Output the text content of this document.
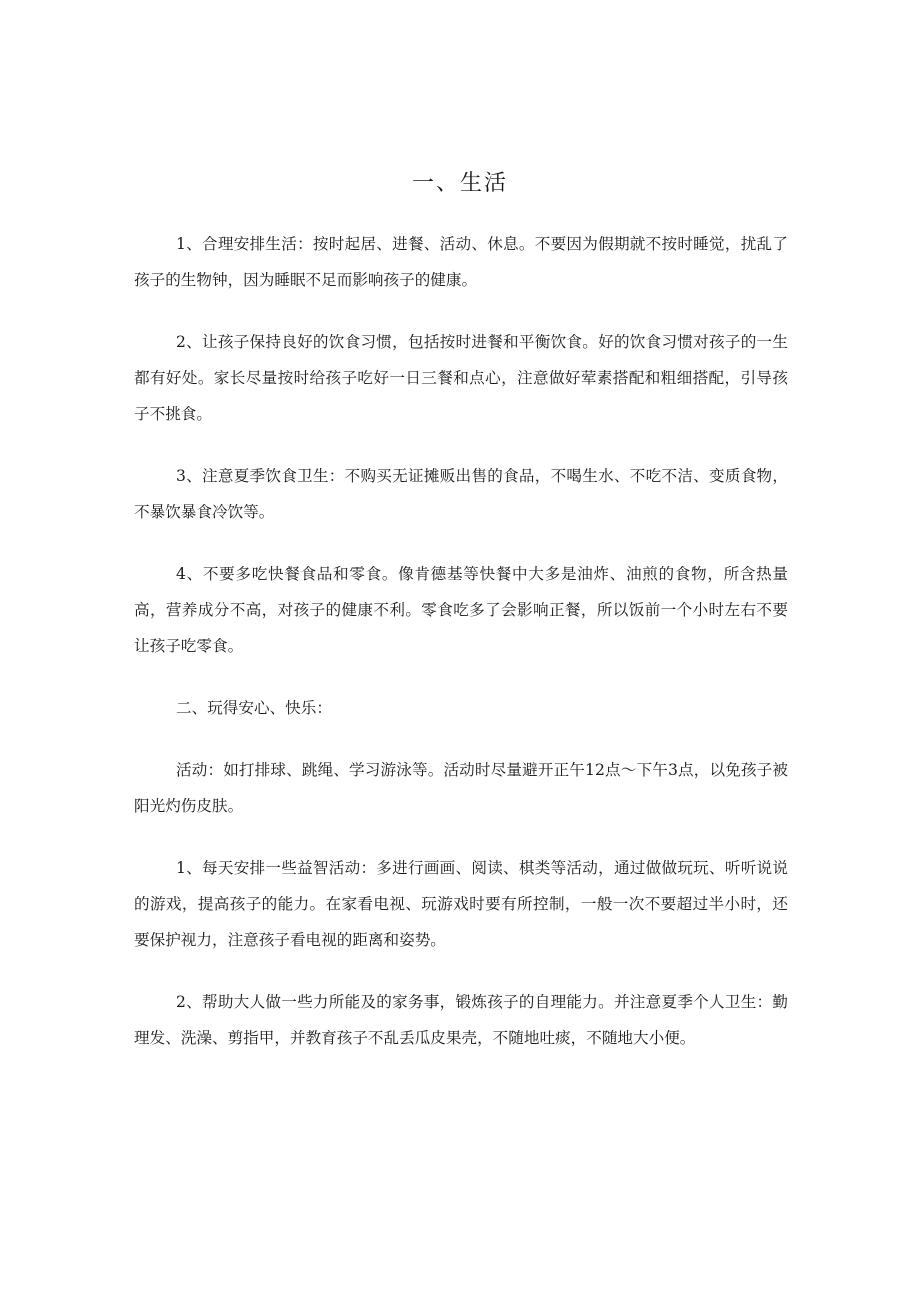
一、生活

1、合理安排生活：按时起居、进餐、活动、休息。不要因为假期就不按时睡觉，扰乱了孩子的生物钟，因为睡眠不足而影响孩子的健康。

2、让孩子保持良好的饮食习惯，包括按时进餐和平衡饮食。好的饮食习惯对孩子的一生都有好处。家长尽量按时给孩子吃好一日三餐和点心，注意做好荤素搭配和粗细搭配，引导孩子不挑食。

3、注意夏季饮食卫生：不购买无证摊贩出售的食品，不喝生水、不吃不洁、变质食物，不暴饮暴食冷饮等。

4、不要多吃快餐食品和零食。像肯德基等快餐中大多是油炸、油煎的食物，所含热量高，营养成分不高，对孩子的健康不利。零食吃多了会影响正餐，所以饭前一个小时左右不要让孩子吃零食。

二、玩得安心、快乐：

活动：如打排球、跳绳、学习游泳等。活动时尽量避开正午12点～下午3点，以免孩子被阳光灼伤皮肤。

1、每天安排一些益智活动：多进行画画、阅读、棋类等活动，通过做做玩玩、听听说说的游戏，提高孩子的能力。在家看电视、玩游戏时要有所控制，一般一次不要超过半小时，还要保护视力，注意孩子看电视的距离和姿势。

2、帮助大人做一些力所能及的家务事，锻炼孩子的自理能力。并注意夏季个人卫生：勤理发、洗澡、剪指甲，并教育孩子不乱丢瓜皮果壳，不随地吐痰，不随地大小便。
